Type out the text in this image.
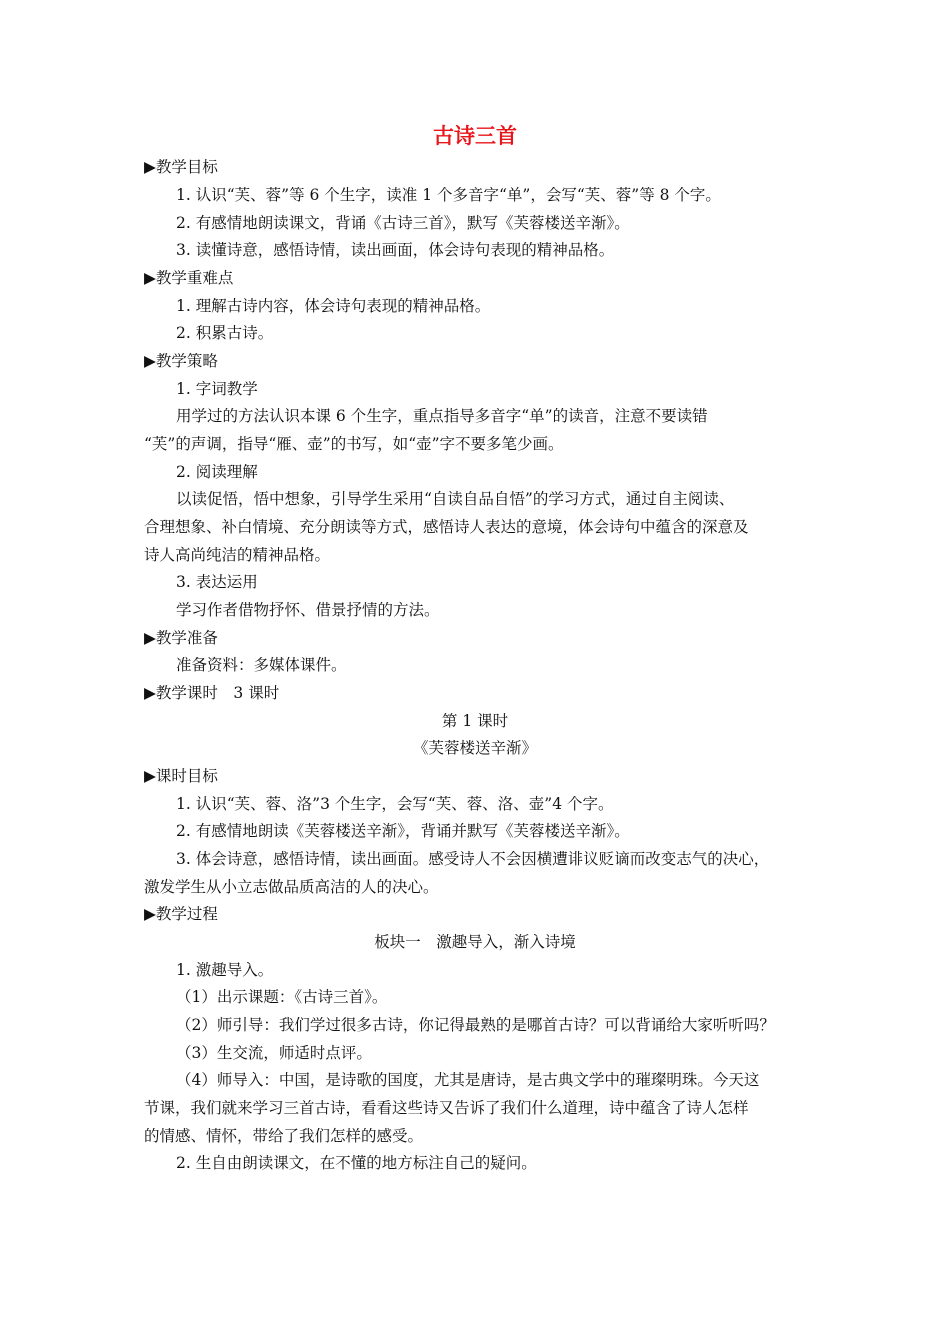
古诗三首
▶教学目标
1. 认识“芙、蓉”等 6 个生字，读准 1 个多音字“单”，会写“芙、蓉”等 8 个字。
2. 有感情地朗读课文，背诵《古诗三首》，默写《芙蓉楼送辛渐》。
3. 读懂诗意，感悟诗情，读出画面，体会诗句表现的精神品格。
▶教学重难点
1. 理解古诗内容，体会诗句表现的精神品格。
2. 积累古诗。
▶教学策略
1. 字词教学
用学过的方法认识本课 6 个生字，重点指导多音字“单”的读音，注意不要读错
“芙”的声调，指导“雁、壶”的书写，如“壶”字不要多笔少画。
2. 阅读理解
以读促悟，悟中想象，引导学生采用“自读自品自悟”的学习方式，通过自主阅读、
合理想象、补白情境、充分朗读等方式，感悟诗人表达的意境，体会诗句中蕴含的深意及
诗人高尚纯洁的精神品格。
3. 表达运用
学习作者借物抒怀、借景抒情的方法。
▶教学准备
准备资料：多媒体课件。
▶教学课时　3 课时
第 1 课时
《芙蓉楼送辛渐》
▶课时目标
1. 认识“芙、蓉、洛”3 个生字，会写“芙、蓉、洛、壶”4 个字。
2. 有感情地朗读《芙蓉楼送辛渐》，背诵并默写《芙蓉楼送辛渐》。
3. 体会诗意，感悟诗情，读出画面。感受诗人不会因横遭诽议贬谪而改变志气的决心，
激发学生从小立志做品质高洁的人的决心。
▶教学过程
板块一　激趣导入，渐入诗境
1. 激趣导入。
（1）出示课题：《古诗三首》。
（2）师引导：我们学过很多古诗，你记得最熟的是哪首古诗？可以背诵给大家听听吗？
（3）生交流，师适时点评。
（4）师导入：中国，是诗歌的国度，尤其是唐诗，是古典文学中的璀璨明珠。今天这
节课，我们就来学习三首古诗，看看这些诗又告诉了我们什么道理，诗中蕴含了诗人怎样
的情感、情怀，带给了我们怎样的感受。
2. 生自由朗读课文，在不懂的地方标注自己的疑问。
